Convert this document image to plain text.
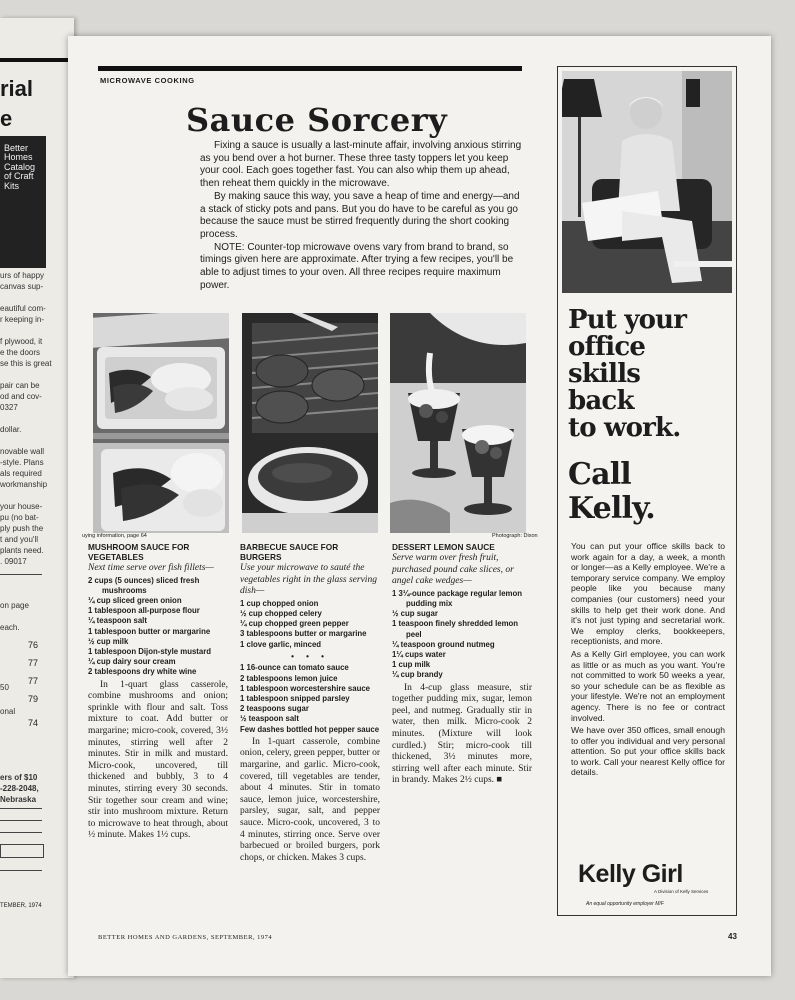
rial
e
Better Homes Catalog of Craft Kits
urs of happy
canvas sup-

eautiful com-
r keeping in-

f plywood, it
e the doors
se this is great

pair can be
od and cov-
0327

dollar.

novable wall
-style. Plans
als required
workmanship

your house-
pu (no bat-
ply push the
t and you'll
plants need.
. 09017
on page
each.
76
77
50
77
onal
79
74
ers of $10
-228-2048,
Nebraska
TEMBER, 1974
MICROWAVE COOKING
Sauce Sorcery

Fixing a sauce is usually a last-minute affair, involving anxious stirring as you bend over a hot burner. These three tasty toppers let you keep your cool. Each goes together fast. You can also whip them up ahead, then reheat them quickly in the microwave.

By making sauce this way, you save a heap of time and energy—and a stack of sticky pots and pans. But you do have to be careful as you go because the sauce must be stirred frequently during the short cooking process.

NOTE: Counter-top microwave ovens vary from brand to brand, so timings given here are approximate. After trying a few recipes, you'll be able to adjust times to your oven. All three recipes require maximum power.

uying information, page 64	Photograph: Dixon
MUSHROOM SAUCE FOR VEGETABLES
Next time serve over fish fillets—

2 cups (5 ounces) sliced fresh mushrooms

¼ cup sliced green onion

1 tablespoon all-purpose flour

¼ teaspoon salt

1 tablespoon butter or margarine

½ cup milk

1 tablespoon Dijon-style mustard

¼ cup dairy sour cream

2 tablespoons dry white wine

In 1-quart glass casserole, combine mushrooms and onion; sprinkle with flour and salt. Toss mixture to coat. Add butter or margarine; micro-cook, covered, 3½ minutes, stirring well after 2 minutes. Stir in milk and mustard. Micro-cook, uncovered, till thickened and bubbly, 3 to 4 minutes, stirring every 30 seconds. Stir together sour cream and wine; stir into mushroom mixture. Return to microwave to heat through, about ½ minute. Makes 1½ cups.

BARBECUE SAUCE FOR BURGERS
Use your microwave to sauté the vegetables right in the glass serving dish—

1 cup chopped onion

½ cup chopped celery

¼ cup chopped green pepper

3 tablespoons butter or margarine

1 clove garlic, minced

• • •

1 16-ounce can tomato sauce

2 tablespoons lemon juice

1 tablespoon worcestershire sauce

1 tablespoon snipped parsley

2 teaspoons sugar

½ teaspoon salt

Few dashes bottled hot pepper sauce

In 1-quart casserole, combine onion, celery, green pepper, butter or margarine, and garlic. Micro-cook, covered, till vegetables are tender, about 4 minutes. Stir in tomato sauce, lemon juice, worcestershire, parsley, sugar, salt, and pepper sauce. Micro-cook, uncovered, 3 to 4 minutes, stirring once. Serve over barbecued or broiled burgers, pork chops, or chicken. Makes 3 cups.

DESSERT LEMON SAUCE
Serve warm over fresh fruit, purchased pound cake slices, or angel cake wedges—

1 3¼-ounce package regular lemon pudding mix

½ cup sugar

1 teaspoon finely shredded lemon peel

¼ teaspoon ground nutmeg

1¼ cups water

1 cup milk

¼ cup brandy

In 4-cup glass measure, stir together pudding mix, sugar, lemon peel, and nutmeg. Gradually stir in water, then milk. Micro-cook 2 minutes. (Mixture will look curdled.) Stir; micro-cook till thickened, 3½ minutes more, stirring well after each minute. Stir in brandy. Makes 2½ cups. ■

BETTER HOMES AND GARDENS, SEPTEMBER, 1974	43
Put your
office
skills
back
to work.
Call
Kelly.

You can put your office skills back to work again for a day, a week, a month or longer—as a Kelly employee. We're a temporary service company. We employ people like you because many companies (our customers) need your skills to help get their work done. And it's not just typing and secretarial work. We employ clerks, bookkeepers, receptionists, and more.

As a Kelly Girl employee, you can work as little or as much as you want. You're not committed to work 50 weeks a year, so your schedule can be as flexible as your lifestyle. We're not an employment agency. There is no fee or contract involved.

We have over 350 offices, small enough to offer you individual and very personal attention. So put your office skills back to work. Call your nearest Kelly office for details.

Kelly Girl
A Division of Kelly Services
An equal opportunity employer M/F
